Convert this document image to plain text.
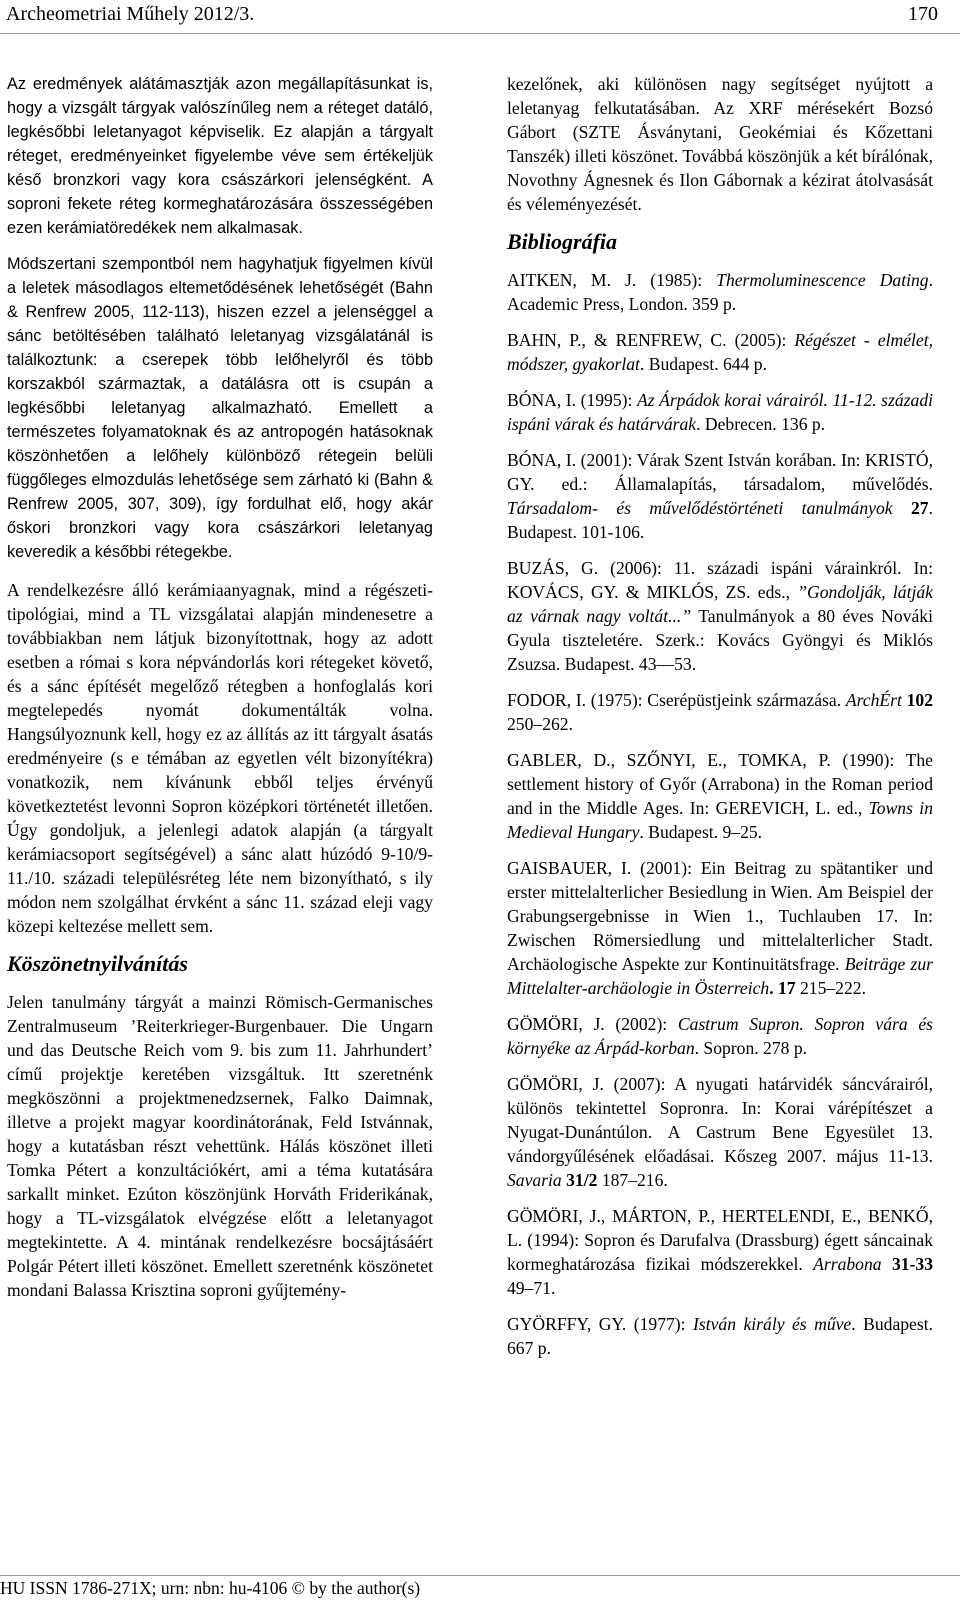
Archeometriai Műhely 2012/3.	170

Az eredmények alátámasztják azon megállapításunkat is, hogy a vizsgált tárgyak valószínűleg nem a réteget datáló, legkésőbbi leletanyagot képviselik. Ez alapján a tárgyalt réteget, eredményeinket figyelembe véve sem értékeljük késő bronzkori vagy kora császárkori jelenségként. A soproni fekete réteg kormeghatározására összességében ezen kerámiatöredékek nem alkalmasak.

Módszertani szempontból nem hagyhatjuk figyelmen kívül a leletek másodlagos eltemetődésének lehetőségét (Bahn & Renfrew 2005, 112-113), hiszen ezzel a jelenséggel a sánc betöltésében található leletanyag vizsgálatánál is találkoztunk: a cserepek több lelőhelyről és több korszakból származtak, a datálásra ott is csupán a legkésőbbi leletanyag alkalmazható. Emellett a természetes folyamatoknak és az antropogén hatásoknak köszönhetően a lelőhely különböző rétegein belüli függőleges elmozdulás lehetősége sem zárható ki (Bahn & Renfrew 2005, 307, 309), így fordulhat elő, hogy akár őskori bronzkori vagy kora császárkori leletanyag keveredik a későbbi rétegekbe.

A rendelkezésre álló kerámiaanyagnak, mind a régészeti-tipológiai, mind a TL vizsgálatai alapján mindenesetre a továbbiakban nem látjuk bizonyítottnak, hogy az adott esetben a római s kora népvándorlás kori rétegeket követő, és a sánc építését megelőző rétegben a honfoglalás kori megtelepedés nyomát dokumentálták volna. Hangsúlyoznunk kell, hogy ez az állítás az itt tárgyalt ásatás eredményeire (s e témában az egyetlen vélt bizonyítékra) vonatkozik, nem kívánunk ebből teljes érvényű következtetést levonni Sopron középkori történetét illetően. Úgy gondoljuk, a jelenlegi adatok alapján (a tárgyalt kerámiacsoport segítségével) a sánc alatt húzódó 9-10/9-11./10. századi településréteg léte nem bizonyítható, s ily módon nem szolgálhat érvként a sánc 11. század eleji vagy közepi keltezése mellett sem.

Köszönetnyilvánítás

Jelen tanulmány tárgyát a mainzi Römisch-Germanisches Zentralmuseum ’Reiterkrieger-Burgenbauer. Die Ungarn und das Deutsche Reich vom 9. bis zum 11. Jahrhundert’ című projektje keretében vizsgáltuk. Itt szeretnénk megköszönni a projektmenedzsernek, Falko Daimnak, illetve a projekt magyar koordinátorának, Feld Istvánnak, hogy a kutatásban részt vehettünk. Hálás köszönet illeti Tomka Pétert a konzultációkért, ami a téma kutatására sarkallt minket. Ezúton köszönjünk Horváth Friderikának, hogy a TL-vizsgálatok elvégzése előtt a leletanyagot megtekintette. A 4. mintának rendelkezésre bocsájtásáért Polgár Pétert illeti köszönet. Emellett szeretnénk köszönetet mondani Balassa Krisztina soproni gyűjtemény-

kezelőnek, aki különösen nagy segítséget nyújtott a leletanyag felkutatásában. Az XRF mérésekért Bozsó Gábort (SZTE Ásványtani, Geokémiai és Kőzettani Tanszék) illeti köszönet. Továbbá köszönjük a két bírálónak, Novothny Ágnesnek és Ilon Gábornak a kézirat átolvasását és véleményezését.

Bibliográfia

AITKEN, M. J. (1985): Thermoluminescence Dating. Academic Press, London. 359 p.

BAHN, P., & RENFREW, C. (2005): Régészet - elmélet, módszer, gyakorlat. Budapest. 644 p.

BÓNA, I. (1995): Az Árpádok korai várairól. 11-12. századi ispáni várak és határvárak. Debrecen. 136 p.

BÓNA, I. (2001): Várak Szent István korában. In: KRISTÓ, GY. ed.: Államalapítás, társadalom, művelődés. Társadalom- és művelődéstörténeti tanulmányok 27. Budapest. 101-106.

BUZÁS, G. (2006): 11. századi ispáni várainkról. In: KOVÁCS, GY. & MIKLÓS, ZS. eds., ”Gondolják, látják az várnak nagy voltát...” Tanulmányok a 80 éves Nováki Gyula tiszteletére. Szerk.: Kovács Gyöngyi és Miklós Zsuzsa. Budapest. 43—53.

FODOR, I. (1975): Cserépüstjeink származása. ArchÉrt 102 250–262.

GABLER, D., SZŐNYI, E., TOMKA, P. (1990): The settlement history of Győr (Arrabona) in the Roman period and in the Middle Ages. In: GEREVICH, L. ed., Towns in Medieval Hungary. Budapest. 9–25.

GAISBAUER, I. (2001): Ein Beitrag zu spätantiker und erster mittelalterlicher Besiedlung in Wien. Am Beispiel der Grabungsergebnisse in Wien 1., Tuchlauben 17. In: Zwischen Römersiedlung und mittelalterlicher Stadt. Archäologische Aspekte zur Kontinuitätsfrage. Beiträge zur Mittelalter-archäologie in Österreich. 17 215–222.

GÖMÖRI, J. (2002): Castrum Supron. Sopron vára és környéke az Árpád-korban. Sopron. 278 p.

GÖMÖRI, J. (2007): A nyugati határvidék sáncvárairól, különös tekintettel Sopronra. In: Korai várépítészet a Nyugat-Dunántúlon. A Castrum Bene Egyesület 13. vándorgyűlésének előadásai. Kőszeg 2007. május 11-13. Savaria 31/2 187–216.

GÖMÖRI, J., MÁRTON, P., HERTELENDI, E., BENKŐ, L. (1994): Sopron és Darufalva (Drassburg) égett sáncainak kormeghatározása fizikai módszerekkel. Arrabona 31-33 49–71.

GYÖRFFY, GY. (1977): István király és műve. Budapest. 667 p.

HU ISSN 1786-271X; urn: nbn: hu-4106 © by the author(s)
